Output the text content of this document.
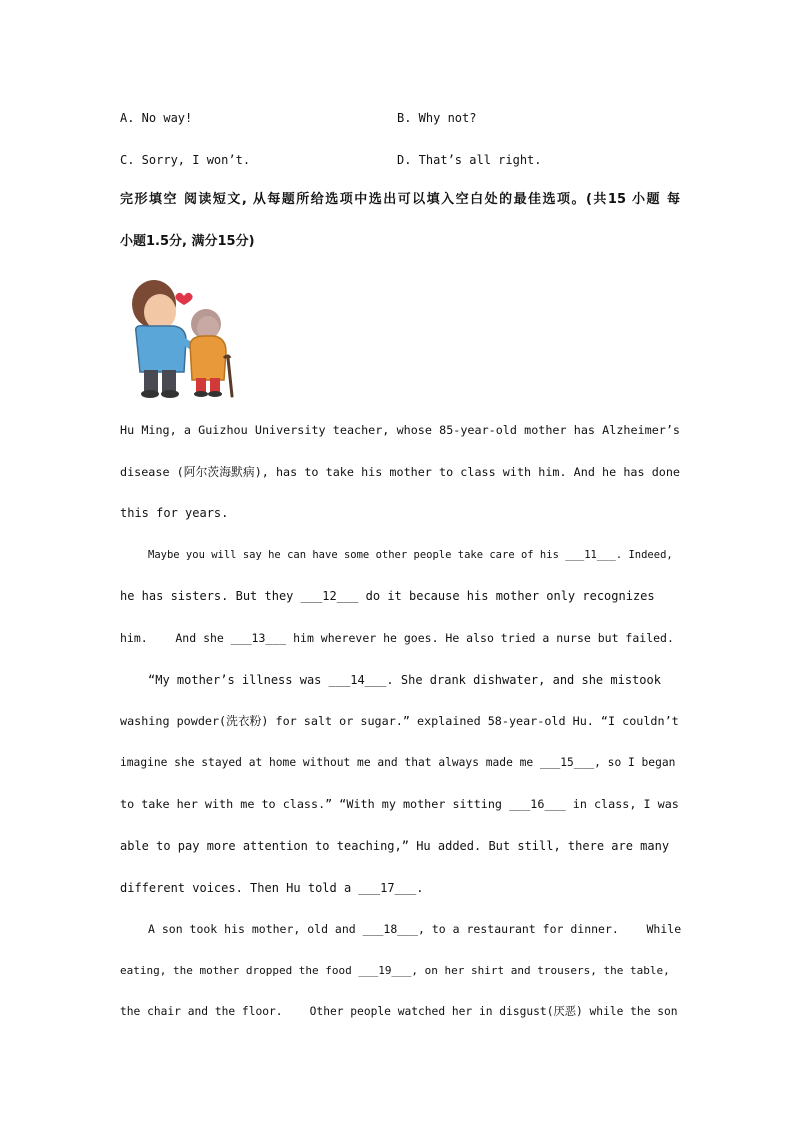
A. No way!	B. Why not?
C. Sorry, I won’t.	D. That’s all right.
完形填空 阅读短文, 从每题所给选项中选出可以填入空白处的最佳选项。(共15 小题 每
小题1.5分, 满分15分)
Hu Ming, a Guizhou University teacher, whose 85-year-old mother has Alzheimer’s
disease (阿尔茨海默病), has to take his mother to class with him. And he has done
this for years.
Maybe you will say he can have some other people take care of his ___11___. Indeed,
he has sisters. But they ___12___ do it because his mother only recognizes
him.    And she ___13___ him wherever he goes. He also tried a nurse but failed.
“My mother’s illness was ___14___. She drank dishwater, and she mistook
washing powder(洗衣粉) for salt or sugar.” explained 58-year-old Hu. “I couldn’t
imagine she stayed at home without me and that always made me ___15___, so I began
to take her with me to class.” “With my mother sitting ___16___ in class, I was
able to pay more attention to teaching,” Hu added. But still, there are many
different voices. Then Hu told a ___17___.
A son took his mother, old and ___18___, to a restaurant for dinner.    While
eating, the mother dropped the food ___19___, on her shirt and trousers, the table,
the chair and the floor.    Other people watched her in disgust(厌恶) while the son
